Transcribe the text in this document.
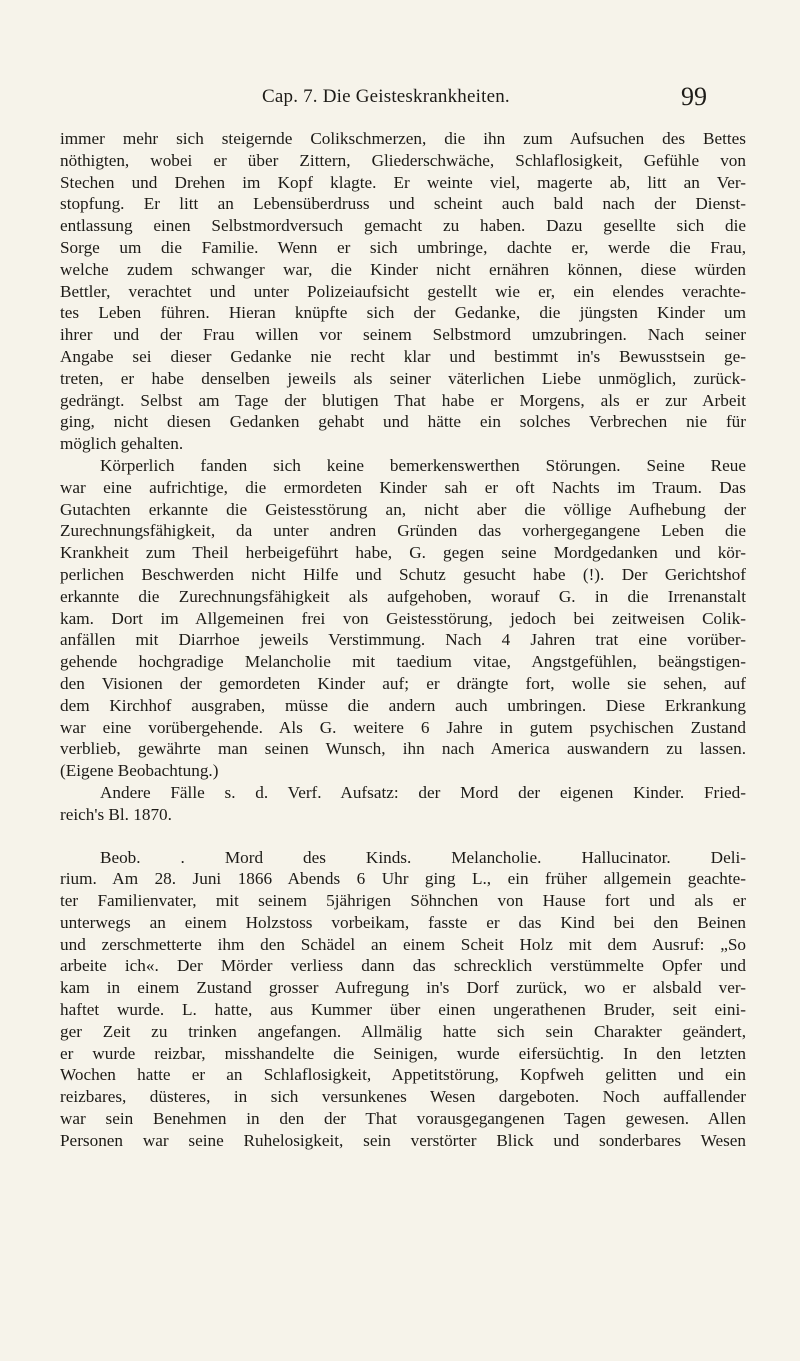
Cap. 7. Die Geisteskrankheiten.	99
immer mehr sich steigernde Colikschmerzen, die ihn zum Aufsuchen des Bettes
nöthigten, wobei er über Zittern, Gliederschwäche, Schlaflosigkeit, Gefühle von
Stechen und Drehen im Kopf klagte. Er weinte viel, magerte ab, litt an Ver-
stopfung. Er litt an Lebensüberdruss und scheint auch bald nach der Dienst-
entlassung einen Selbstmordversuch gemacht zu haben. Dazu gesellte sich die
Sorge um die Familie. Wenn er sich umbringe, dachte er, werde die Frau,
welche zudem schwanger war, die Kinder nicht ernähren können, diese würden
Bettler, verachtet und unter Polizeiaufsicht gestellt wie er, ein elendes verachte-
tes Leben führen. Hieran knüpfte sich der Gedanke, die jüngsten Kinder um
ihrer und der Frau willen vor seinem Selbstmord umzubringen. Nach seiner
Angabe sei dieser Gedanke nie recht klar und bestimmt in's Bewusstsein ge-
treten, er habe denselben jeweils als seiner väterlichen Liebe unmöglich, zurück-
gedrängt. Selbst am Tage der blutigen That habe er Morgens, als er zur Arbeit
ging, nicht diesen Gedanken gehabt und hätte ein solches Verbrechen nie für
möglich gehalten.
Körperlich fanden sich keine bemerkenswerthen Störungen. Seine Reue
war eine aufrichtige, die ermordeten Kinder sah er oft Nachts im Traum. Das
Gutachten erkannte die Geistesstörung an, nicht aber die völlige Aufhebung der
Zurechnungsfähigkeit, da unter andren Gründen das vorhergegangene Leben die
Krankheit zum Theil herbeigeführt habe, G. gegen seine Mordgedanken und kör-
perlichen Beschwerden nicht Hilfe und Schutz gesucht habe (!). Der Gerichtshof
erkannte die Zurechnungsfähigkeit als aufgehoben, worauf G. in die Irrenanstalt
kam. Dort im Allgemeinen frei von Geistesstörung, jedoch bei zeitweisen Colik-
anfällen mit Diarrhoe jeweils Verstimmung. Nach 4 Jahren trat eine vorüber-
gehende hochgradige Melancholie mit taedium vitae, Angstgefühlen, beängstigen-
den Visionen der gemordeten Kinder auf; er drängte fort, wolle sie sehen, auf
dem Kirchhof ausgraben, müsse die andern auch umbringen. Diese Erkrankung
war eine vorübergehende. Als G. weitere 6 Jahre in gutem psychischen Zustand
verblieb, gewährte man seinen Wunsch, ihn nach America auswandern zu lassen.
(Eigene Beobachtung.)
Andere Fälle s. d. Verf. Aufsatz: der Mord der eigenen Kinder. Fried-
reich's Bl. 1870.
Beob. . Mord des Kinds. Melancholie. Hallucinator. Deli-
rium. Am 28. Juni 1866 Abends 6 Uhr ging L., ein früher allgemein geachte-
ter Familienvater, mit seinem 5jährigen Söhnchen von Hause fort und als er
unterwegs an einem Holzstoss vorbeikam, fasste er das Kind bei den Beinen
und zerschmetterte ihm den Schädel an einem Scheit Holz mit dem Ausruf: „So
arbeite ich«. Der Mörder verliess dann das schrecklich verstümmelte Opfer und
kam in einem Zustand grosser Aufregung in's Dorf zurück, wo er alsbald ver-
haftet wurde. L. hatte, aus Kummer über einen ungerathenen Bruder, seit eini-
ger Zeit zu trinken angefangen. Allmälig hatte sich sein Charakter geändert,
er wurde reizbar, misshandelte die Seinigen, wurde eifersüchtig. In den letzten
Wochen hatte er an Schlaflosigkeit, Appetitstörung, Kopfweh gelitten und ein
reizbares, düsteres, in sich versunkenes Wesen dargeboten. Noch auffallender
war sein Benehmen in den der That vorausgegangenen Tagen gewesen. Allen
Personen war seine Ruhelosigkeit, sein verstörter Blick und sonderbares Wesen
